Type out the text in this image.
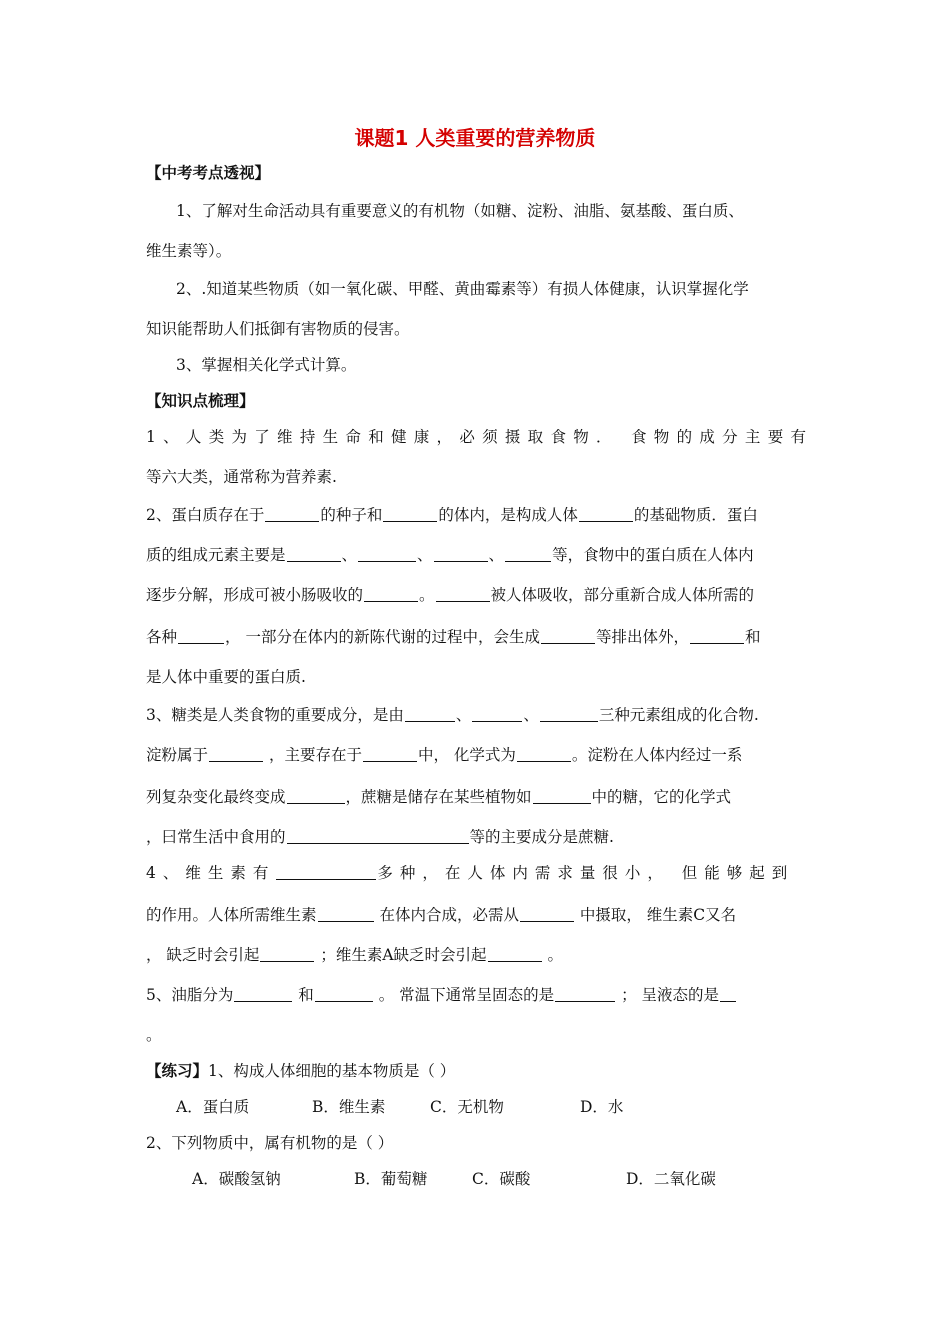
课题1 人类重要的营养物质
【中考考点透视】
1、了解对生命活动具有重要意义的有机物（如糖、淀粉、油脂、氨基酸、蛋白质、
维生素等）。
2、.知道某些物质（如一氧化碳、甲醛、黄曲霉素等）有损人体健康，认识掌握化学
知识能帮助人们抵御有害物质的侵害。
3、掌握相关化学式计算。
【知识点梳理】
1、人类为了维持生命和健康，必须摄取食物． 食物的成分主要有
等六大类，通常称为营养素.
2、蛋白质存在于	的种子和	的体内，是构成人体	的基础物质．蛋白
质的组成元素主要是	、	、	、	等，食物中的蛋白质在人体内
逐步分解，形成可被小肠吸收的	。	被人体吸收，部分重新合成人体所需的
各种	， 一部分在体内的新陈代谢的过程中，会生成	等排出体外，	和
是人体中重要的蛋白质.
3、糖类是人类食物的重要成分，是由	、	、	三种元素组成的化合物.
淀粉属于	，主要存在于	中， 化学式为	。淀粉在人体内经过一系
列复杂变化最终变成	，蔗糖是储存在某些植物如	中的糖，它的化学式
，曰常生活中食用的	等的主要成分是蔗糖.
4、维生素有	多种，在人体内需求量很小， 但能够起到
的作用。人体所需维生素	在体内合成，必需从	中摄取， 维生素C又名
， 缺乏时会引起	；维生素A缺乏时会引起	。
5、油脂分为	和	。 常温下通常呈固态的是	； 呈液态的是
。
【练习】1、构成人体细胞的基本物质是（ ）
A．蛋白质	B．维生素	C．无机物	D．水
2、下列物质中，属有机物的是（ ）
A．碳酸氢钠	B．葡萄糖	C．碳酸	D．二氧化碳
